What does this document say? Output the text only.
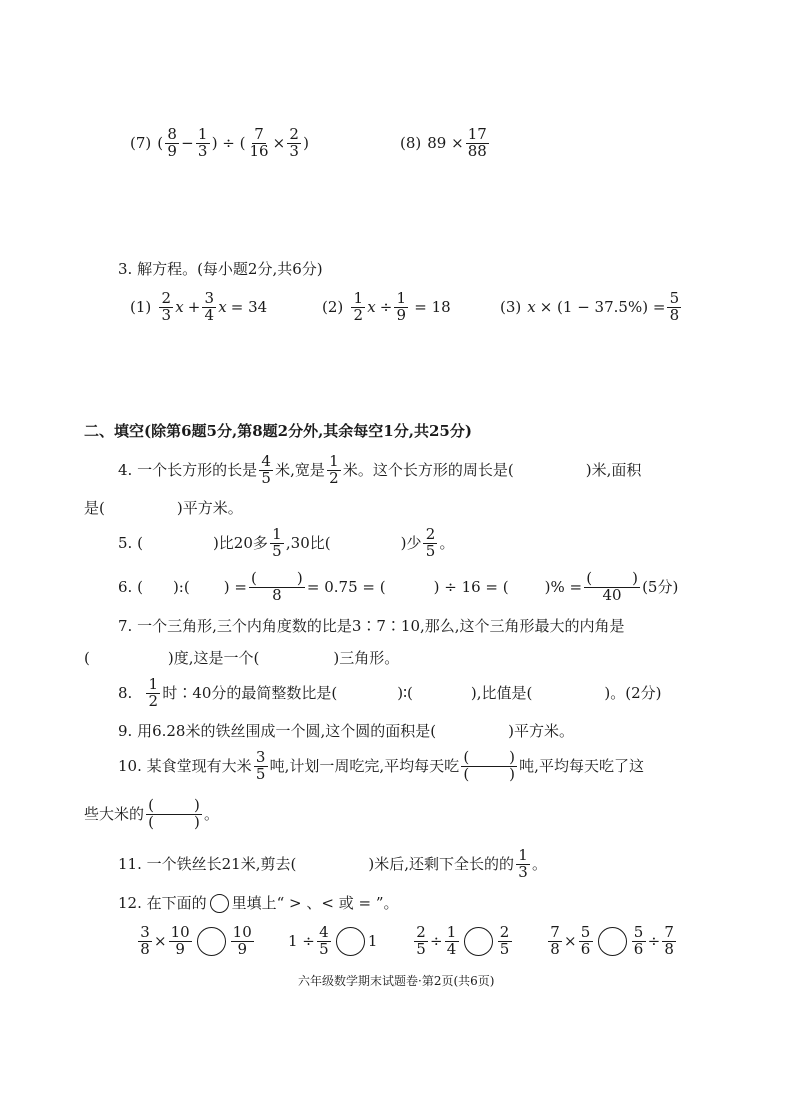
(7) ( $\frac{8}{9} - \frac{1}{3}$ ) ÷ ( $\frac{7}{16} \times \frac{2}{3}$ )	(8) $89 \times \frac{17}{88}$
3. 解方程。(每小题2分,共6分)
$(1) \frac{2}{3}$ $x + \frac{3}{4}$ x = 34	$(2) \frac{1}{2}$ $x \div \frac{1}{9} = 18$	(3) $x \times (1 - 37.5\%) = \frac{5}{8}$
二、填空(除第6题5分,第8题2分外,其余每空1分,共25分)
4. 一个长方形的长是 $\frac{4}{5}$ 米,宽是 $\frac{1}{2}$ 米。这个长方形的周长是(	)米,面积
是(	)平方米。
5. (	)比20多 $\frac{1}{5} ,30$比(	)少 $\frac{2}{5}$ 。
6. ( ):( ) = (	)
8 = 0.75 = (	) ÷ 16 = ( )% = (	)
40 (5分)
7. 一个三角形,三个内角度数的比是3∶7∶10,那么,这个三角形最大的内角是
(	)度,这是一个(	)三角形。
8. $\frac{1}{2}$ 时∶40分的最简整数比是(	)∶(	),比值是(	)。(2分)
9. 用6.28米的铁丝围成一个圆,这个圆的面积是(	)平方米。
10. 某食堂现有大米 $\frac{3}{5}$ 吨,计划一周吃完,平均每天吃 (	)
(	) 吨,平均每天吃了这
些大米的 (	)
(	) 。
11. 一个铁丝长21米,剪去(	)米后,还剩下全长的的 $\frac{1}{3}$ 。
12. 在下面的 里填上“ > 、< 或 = ”。
$\frac{3}{8} \times \frac{10}{9}$	$\frac{10}{9} 1 \div \frac{4}{5} 1 \frac{2}{5} \div \frac{1}{4}$	$\frac{2}{5} \frac{7}{8} \times \frac{5}{6}$	$\frac{5}{6} \div \frac{7}{8}$
六年级数学期末试题卷·第2页(共6页)
